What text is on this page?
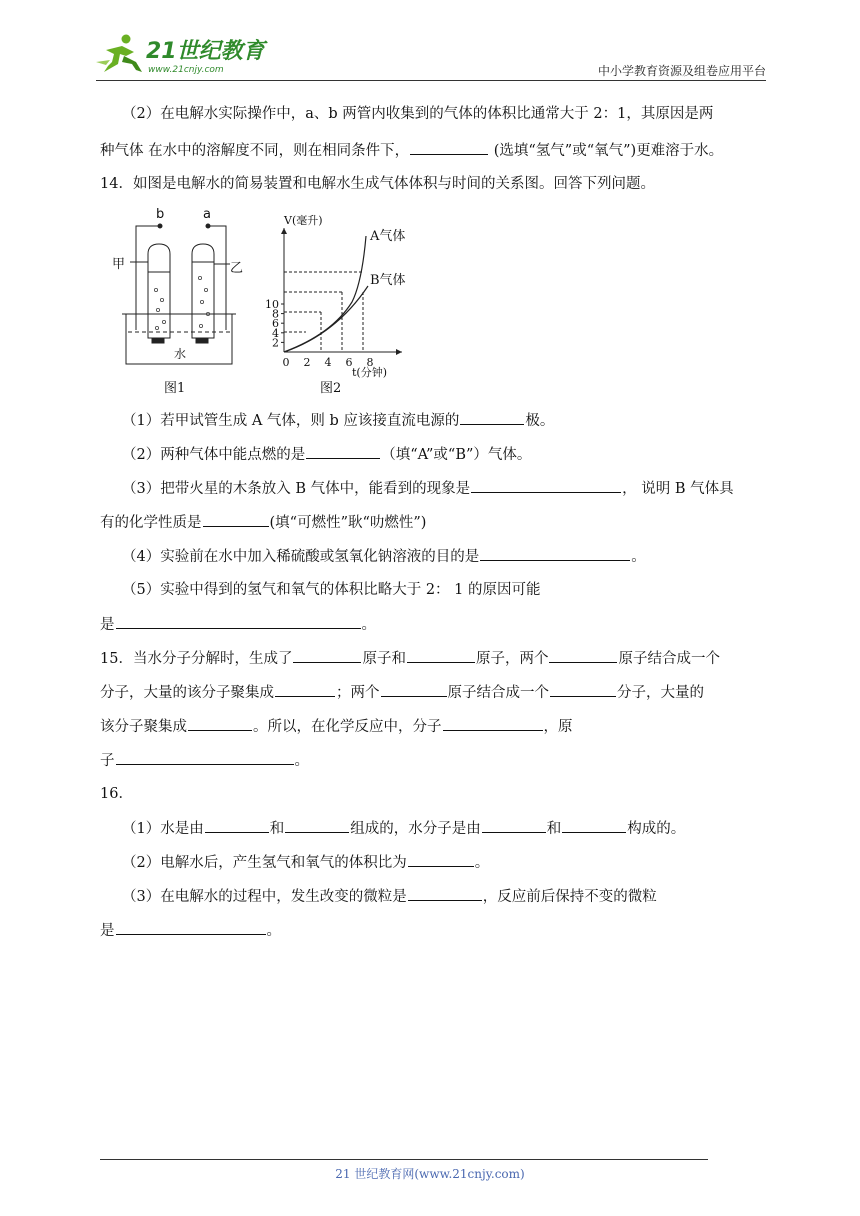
21世纪教育
www.21cnjy.com	中小学教育资源及组卷应用平台
（2）在电解水实际操作中，a、b 两管内收集到的气体的体积比通常大于 2：1，其原因是两
种气体 在水中的溶解度不同，则在相同条件下，	(选填“氢气”或“氧气”)更难溶于水。
14．如图是电解水的简易装置和电解水生成气体体积与时间的关系图。回答下列问题。
b	a
甲	乙
水
图1
V(毫升)
t(分钟)
10
8
6
4
2
0 2 4 6 8
A气体
B气体
图2
（1）若甲试管生成 A 气体，则 b 应该接直流电源的	极。
（2）两种气体中能点燃的是	（填“A”或“B”）气体。
（3）把带火星的木条放入 B 气体中，能看到的现象是	， 说明 B 气体具
有的化学性质是	(填“可燃性”耿“叻燃性”)
（4）实验前在水中加入稀硫酸或氢氧化钠溶液的目的是	。
（5）实验中得到的氢气和氧气的体积比略大于 2： 1 的原因可能
是	。
15．当水分子分解时，生成了	原子和	原子，两个	原子结合成一个
分子，大量的该分子聚集成	；两个	原子结合成一个	分子，大量的
该分子聚集成	。所以，在化学反应中，分子	，原
子	。
16．
（1）水是由	和	组成的，水分子是由	和	构成的。
（2）电解水后，产生氢气和氧气的体积比为	。
（3）在电解水的过程中，发生改变的微粒是	，反应前后保持不变的微粒
是	。
21 世纪教育网(www.21cnjy.com)
